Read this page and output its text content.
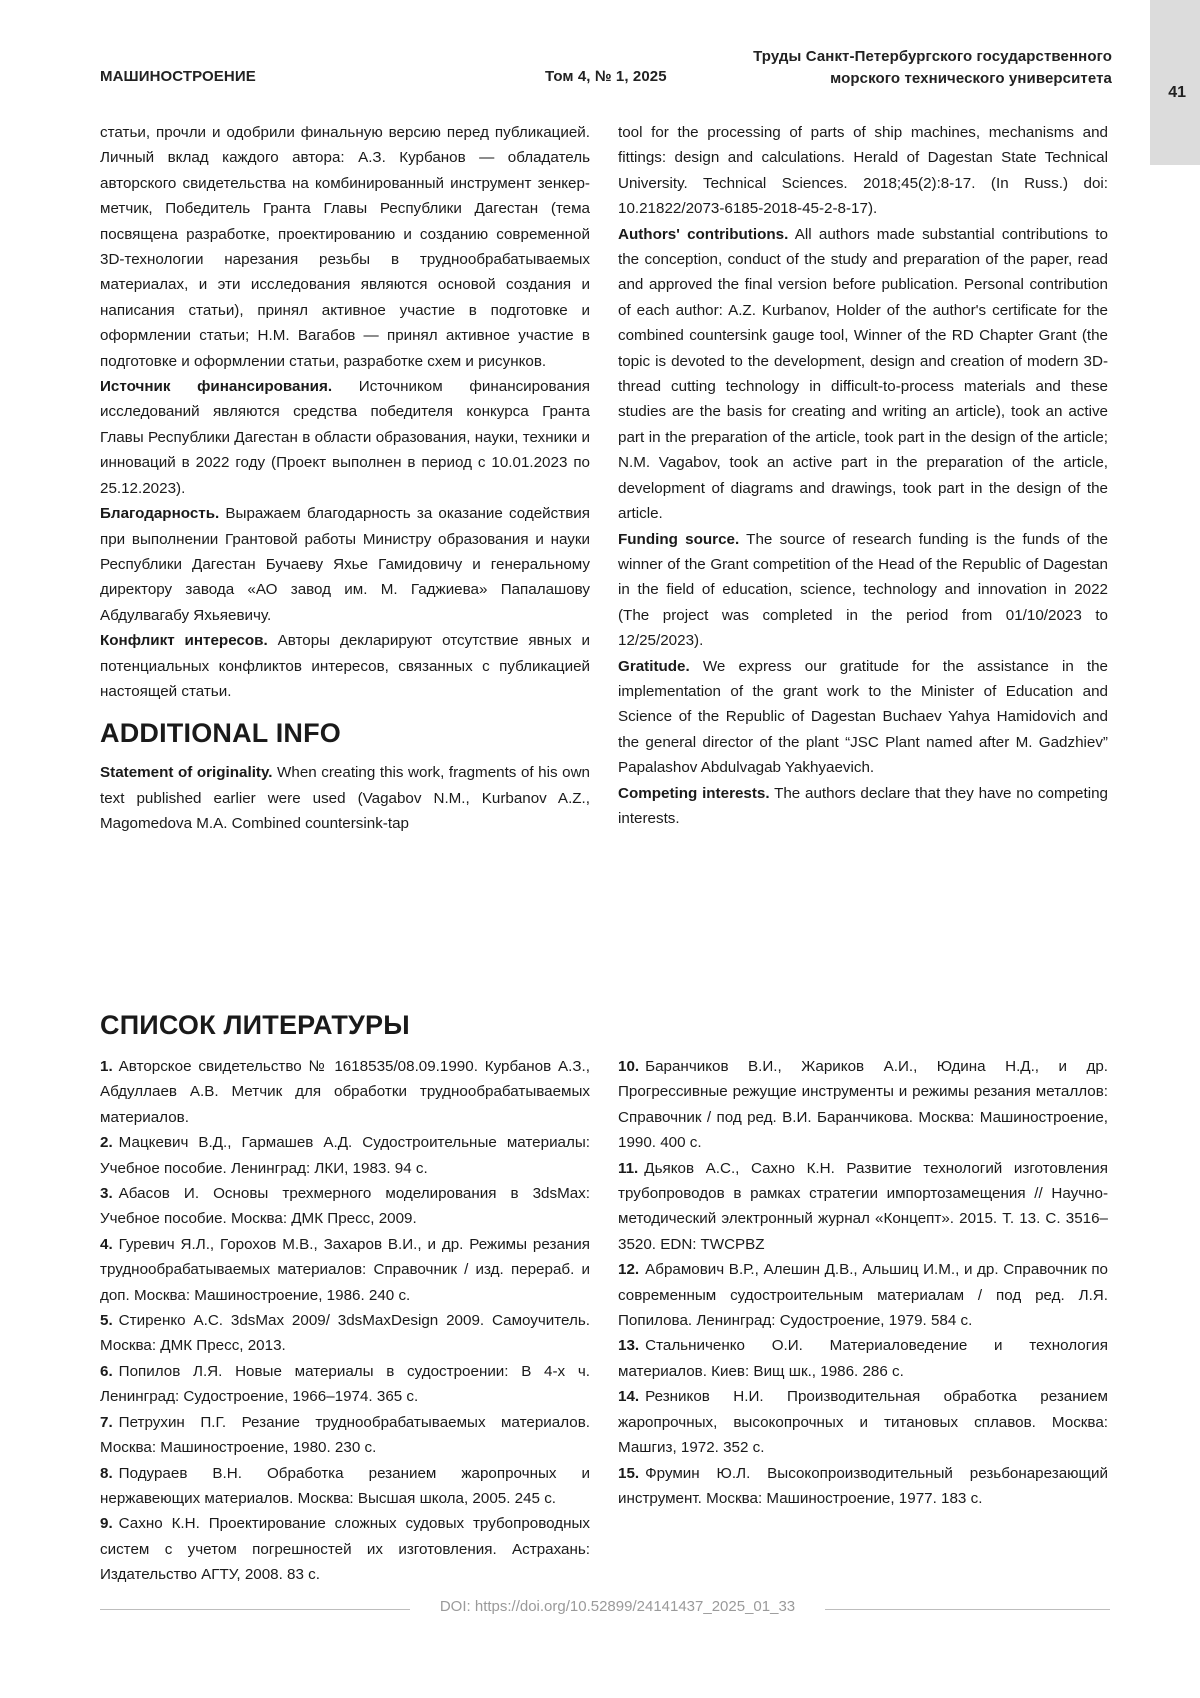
МАШИНОСТРОЕНИЕ	Том 4, № 1, 2025
Труды Санкт-Петербургского государственного
морского технического университета
41

статьи, прочли и одобрили финальную версию перед публикацией. Личный вклад каждого автора: А.З. Курбанов — обладатель авторского свидетельства на комбинированный инструмент зенкер-метчик, Победитель Гранта Главы Республики Дагестан (тема посвящена разработке, проектированию и созданию современной 3D-технологии нарезания резьбы в труднообрабатываемых материалах, и эти исследования являются основой создания и написания статьи), принял активное участие в подготовке и оформлении статьи; Н.М. Вагабов — принял активное участие в подготовке и оформлении статьи, разработке схем и рисунков.

Источник финансирования. Источником финансирования исследований являются средства победителя конкурса Гранта Главы Республики Дагестан в области образования, науки, техники и инноваций в 2022 году (Проект выполнен в период с 10.01.2023 по 25.12.2023).

Благодарность. Выражаем благодарность за оказание содействия при выполнении Грантовой работы Министру образования и науки Республики Дагестан Бучаеву Яхье Гамидовичу и генеральному директору завода «АО завод им. М. Гаджиева» Папалашову Абдулвагабу Яхьяевичу.

Конфликт интересов. Авторы декларируют отсутствие явных и потенциальных конфликтов интересов, связанных с публикацией настоящей статьи.

ADDITIONAL INFO

Statement of originality. When creating this work, fragments of his own text published earlier were used (Vagabov N.M., Kurbanov A.Z., Magomedova M.A. Combined countersink-tap

tool for the processing of parts of ship machines, mechanisms and fittings: design and calculations. Herald of Dagestan State Technical University. Technical Sciences. 2018;45(2):8-17. (In Russ.) doi: 10.21822/2073-6185-2018-45-2-8-17).

Authors' contributions. All authors made substantial contributions to the conception, conduct of the study and preparation of the paper, read and approved the final version before publication. Personal contribution of each author: A.Z. Kurbanov, Holder of the author's certificate for the combined countersink gauge tool, Winner of the RD Chapter Grant (the topic is devoted to the development, design and creation of modern 3D-thread cutting technology in difficult-to-process materials and these studies are the basis for creating and writing an article), took an active part in the preparation of the article, took part in the design of the article; N.M. Vagabov, took an active part in the preparation of the article, development of diagrams and drawings, took part in the design of the article.

Funding source. The source of research funding is the funds of the winner of the Grant competition of the Head of the Republic of Dagestan in the field of education, science, technology and innovation in 2022 (The project was completed in the period from 01/10/2023 to 12/25/2023).

Gratitude. We express our gratitude for the assistance in the implementation of the grant work to the Minister of Education and Science of the Republic of Dagestan Buchaev Yahya Hamidovich and the general director of the plant “JSC Plant named after M. Gadzhiev” Papalashov Abdulvagab Yakhyaevich.

Competing interests. The authors declare that they have no competing interests.

СПИСОК ЛИТЕРАТУРЫ

1. Авторское свидетельство № 1618535/08.09.1990. Курбанов А.З., Абдуллаев А.В. Метчик для обработки труднообрабатываемых материалов.

2. Мацкевич В.Д., Гармашев А.Д. Судостроительные материалы: Учебное пособие. Ленинград: ЛКИ, 1983. 94 с.

3. Абасов И. Основы трехмерного моделирования в 3dsMax: Учебное пособие. Москва: ДМК Пресс, 2009.

4. Гуревич Я.Л., Горохов М.В., Захаров В.И., и др. Режимы резания труднообрабатываемых материалов: Справочник / изд. перераб. и доп. Москва: Машиностроение, 1986. 240 с.

5. Стиренко А.С. 3dsMax 2009/ 3dsMaxDesign 2009. Самоучитель. Москва: ДМК Пресс, 2013.

6. Попилов Л.Я. Новые материалы в судостроении: В 4-х ч. Ленинград: Судостроение, 1966–1974. 365 с.

7. Петрухин П.Г. Резание труднообрабатываемых материалов. Москва: Машиностроение, 1980. 230 с.

8. Подураев В.Н. Обработка резанием жаропрочных и нержавеющих материалов. Москва: Высшая школа, 2005. 245 с.

9. Сахно К.Н. Проектирование сложных судовых трубопроводных систем с учетом погрешностей их изготовления. Астрахань: Издательство АГТУ, 2008. 83 с.

10. Баранчиков В.И., Жариков А.И., Юдина Н.Д., и др. Прогрессивные режущие инструменты и режимы резания металлов: Справочник / под ред. В.И. Баранчикова. Москва: Машиностроение, 1990. 400 с.

11. Дьяков А.С., Сахно К.Н. Развитие технологий изготовления трубопроводов в рамках стратегии импортозамещения // Научно-методический электронный журнал «Концепт». 2015. Т. 13. С. 3516–3520. EDN: TWCPBZ

12. Абрамович В.Р., Алешин Д.В., Альшиц И.М., и др. Справочник по современным судостроительным материалам / под ред. Л.Я. Попилова. Ленинград: Судостроение, 1979. 584 с.

13. Стальниченко О.И. Материаловедение и технология материалов. Киев: Вищ шк., 1986. 286 с.

14. Резников Н.И. Производительная обработка резанием жаропрочных, высокопрочных и титановых сплавов. Москва: Машгиз, 1972. 352 с.

15. Фрумин Ю.Л. Высокопроизводительный резьбонарезающий инструмент. Москва: Машиностроение, 1977. 183 с.

DOI: https://doi.org/10.52899/24141437_2025_01_33
